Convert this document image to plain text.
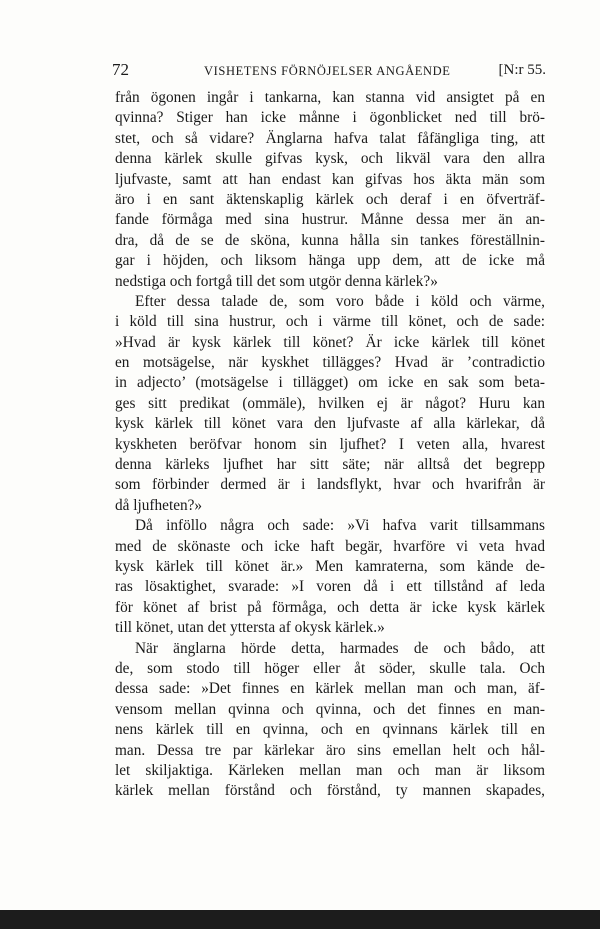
72	VISHETENS FÖRNÖJELSER ANGÅENDE	[N:r 55.
från ögonen ingår i tankarna, kan stanna vid ansigtet på en
qvinna? Stiger han icke månne i ögonblicket ned till brö-
stet, och så vidare? Änglarna hafva talat fåfängliga ting, att
denna kärlek skulle gifvas kysk, och likväl vara den allra
ljufvaste, samt att han endast kan gifvas hos äkta män som
äro i en sant äktenskaplig kärlek och deraf i en öfverträf-
fande förmåga med sina hustrur. Månne dessa mer än an-
dra, då de se de sköna, kunna hålla sin tankes föreställnin-
gar i höjden, och liksom hänga upp dem, att de icke må
nedstiga och fortgå till det som utgör denna kärlek?»
Efter dessa talade de, som voro både i köld och värme,
i köld till sina hustrur, och i värme till könet, och de sade:
»Hvad är kysk kärlek till könet? Är icke kärlek till könet
en motsägelse, när kyskhet tillägges? Hvad är ’contradictio
in adjecto’ (motsägelse i tillägget) om icke en sak som beta-
ges sitt predikat (ommäle), hvilken ej är något? Huru kan
kysk kärlek till könet vara den ljufvaste af alla kärlekar, då
kyskheten beröfvar honom sin ljufhet? I veten alla, hvarest
denna kärleks ljufhet har sitt säte; när alltså det begrepp
som förbinder dermed är i landsflykt, hvar och hvarifrån är
då ljufheten?»
Då inföllo några och sade: »Vi hafva varit tillsammans
med de skönaste och icke haft begär, hvarföre vi veta hvad
kysk kärlek till könet är.» Men kamraterna, som kände de-
ras lösaktighet, svarade: »I voren då i ett tillstånd af leda
för könet af brist på förmåga, och detta är icke kysk kärlek
till könet, utan det yttersta af okysk kärlek.»
När änglarna hörde detta, harmades de och bådo, att
de, som stodo till höger eller åt söder, skulle tala. Och
dessa sade: »Det finnes en kärlek mellan man och man, äf-
vensom mellan qvinna och qvinna, och det finnes en man-
nens kärlek till en qvinna, och en qvinnans kärlek till en
man. Dessa tre par kärlekar äro sins emellan helt och hål-
let skiljaktiga. Kärleken mellan man och man är liksom
kärlek mellan förstånd och förstånd, ty mannen skapades,
